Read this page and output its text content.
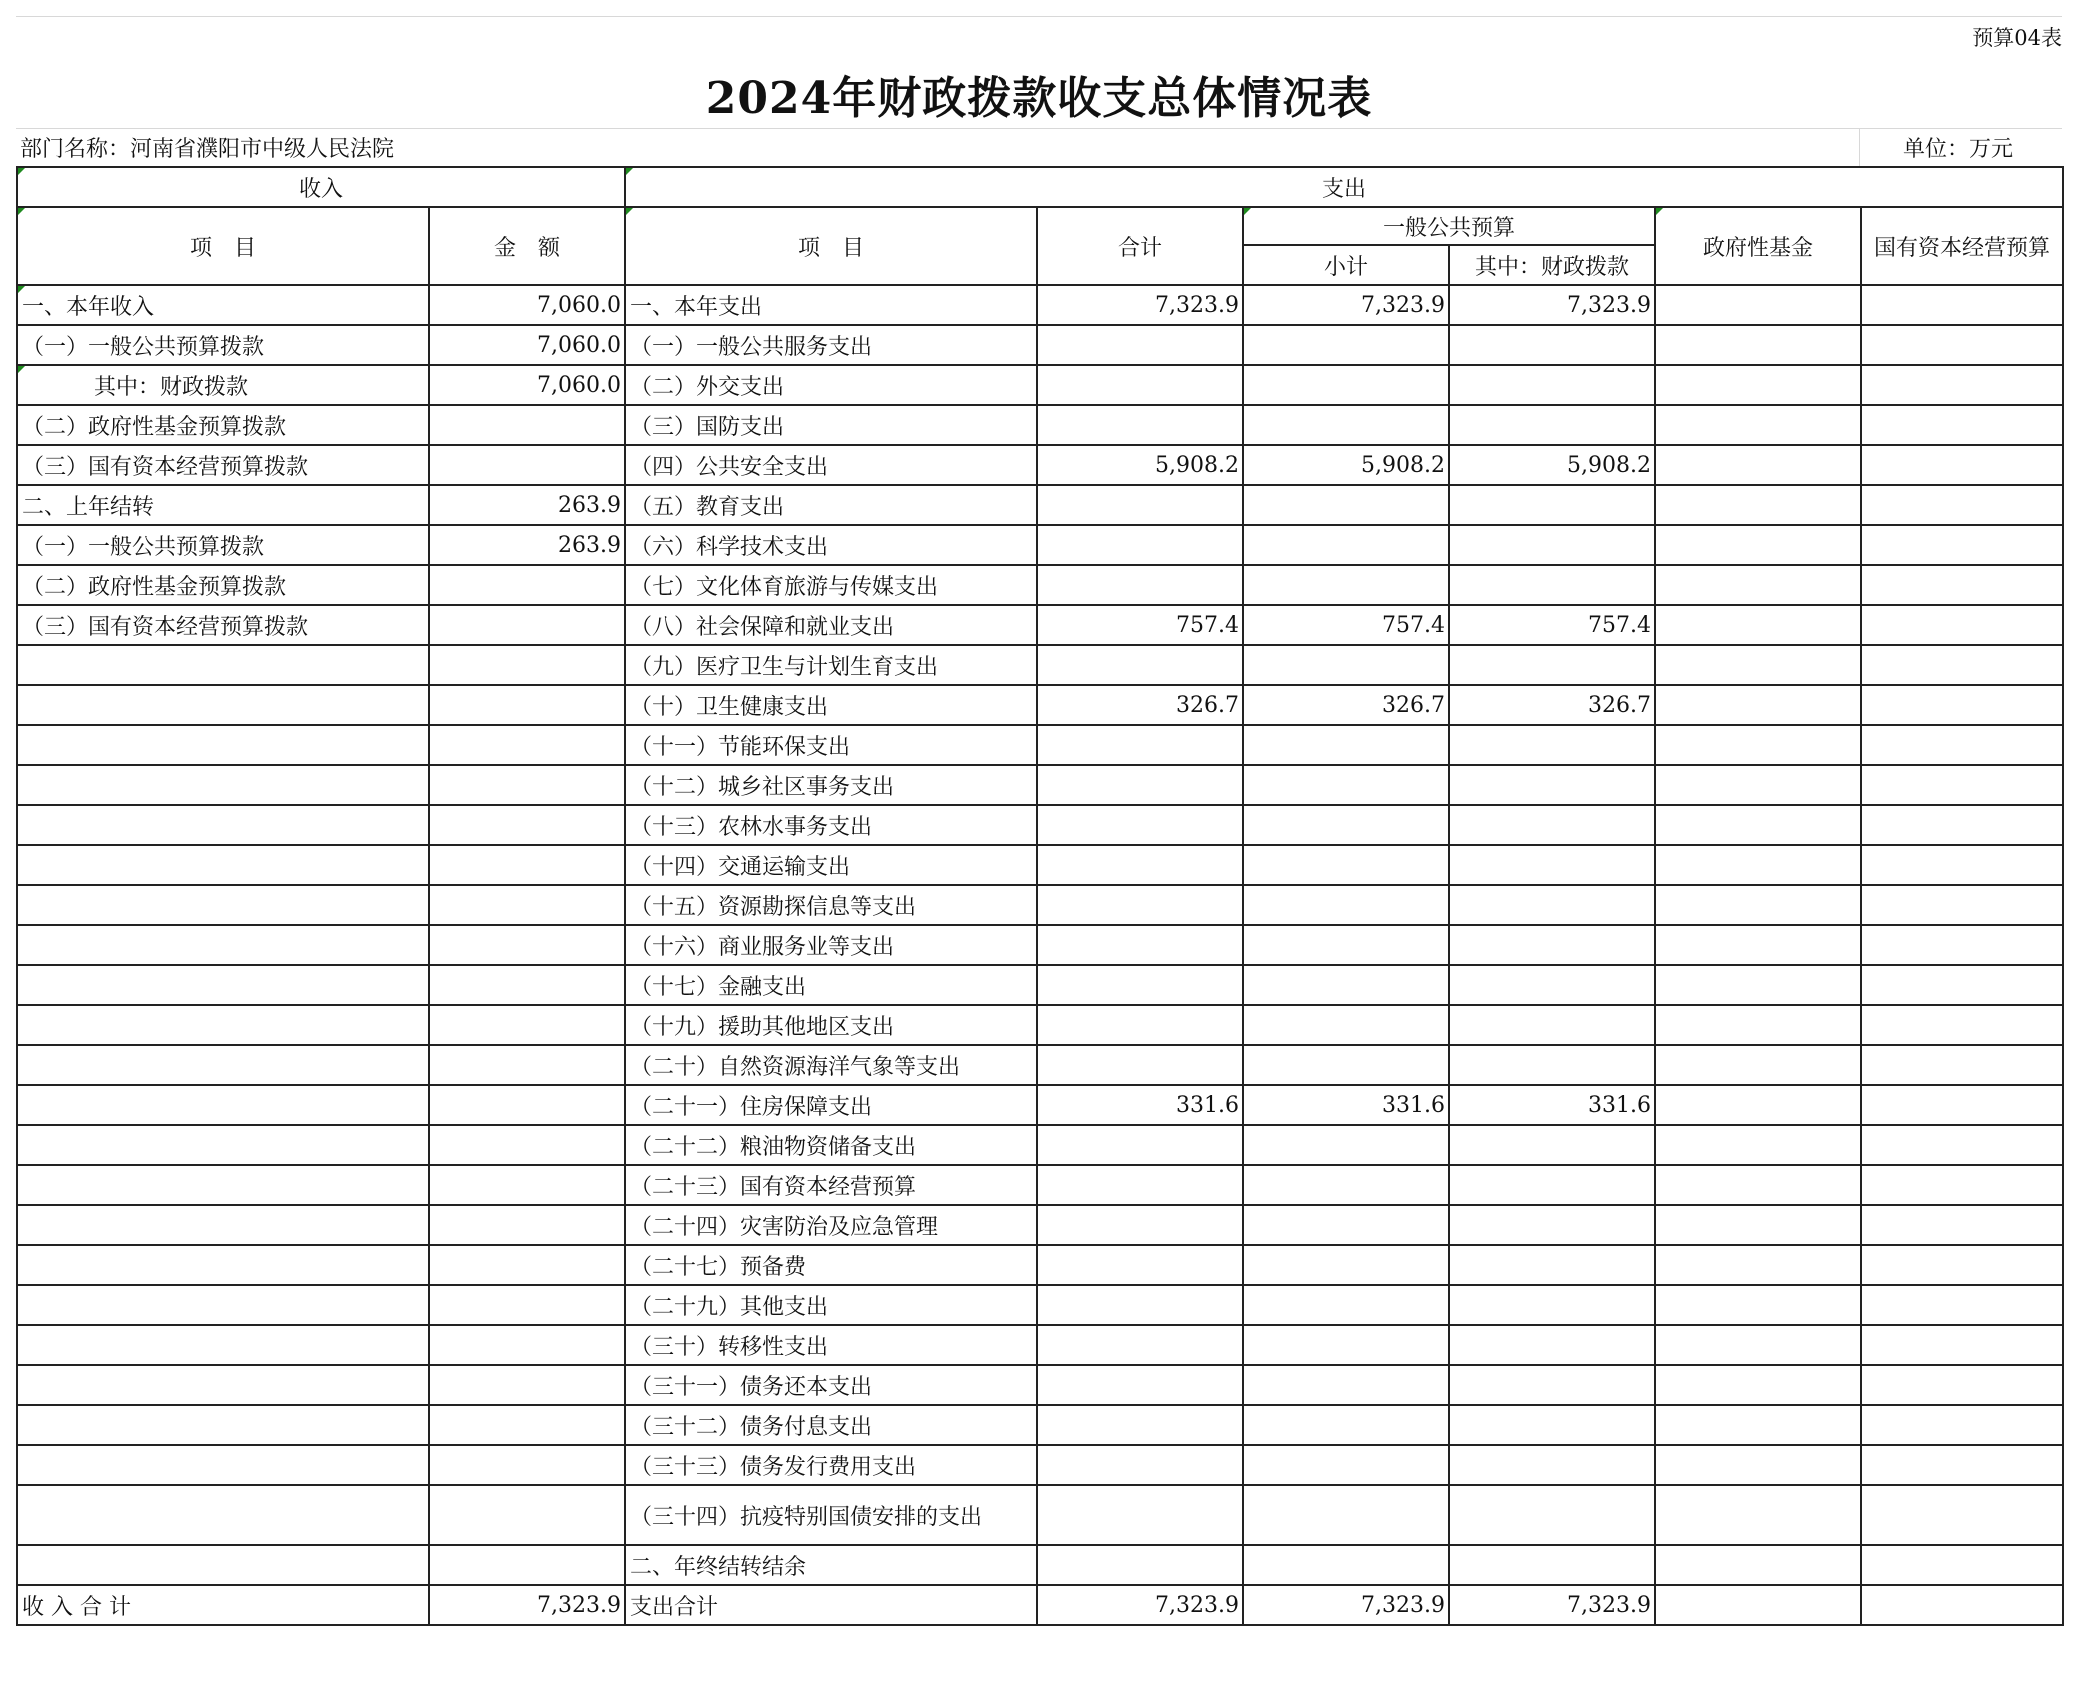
预算04表
2024年财政拨款收支总体情况表
部门名称：河南省濮阳市中级人民法院	单位：万元
收入		支出					
项　目	金　额	项　目	合计	一般公共预算		政府性基金	国有资本经营预算
				小计	其中：财政拨款		
一、本年收入	7,060.0	一、本年支出	7,323.9	7,323.9	7,323.9		
（一）一般公共预算拨款	7,060.0	（一）一般公共服务支出					
其中：财政拨款	7,060.0	（二）外交支出					
（二）政府性基金预算拨款		（三）国防支出					
（三）国有资本经营预算拨款		（四）公共安全支出	5,908.2	5,908.2	5,908.2		
二、上年结转	263.9	（五）教育支出					
（一）一般公共预算拨款	263.9	（六）科学技术支出					
（二）政府性基金预算拨款		（七）文化体育旅游与传媒支出					
（三）国有资本经营预算拨款		（八）社会保障和就业支出	757.4	757.4	757.4		
		（九）医疗卫生与计划生育支出					
		（十）卫生健康支出	326.7	326.7	326.7		
		（十一）节能环保支出					
		（十二）城乡社区事务支出					
		（十三）农林水事务支出					
		（十四）交通运输支出					
		（十五）资源勘探信息等支出					
		（十六）商业服务业等支出					
		（十七）金融支出					
		（十九）援助其他地区支出					
		（二十）自然资源海洋气象等支出					
		（二十一）住房保障支出	331.6	331.6	331.6		
		（二十二）粮油物资储备支出					
		（二十三）国有资本经营预算					
		（二十四）灾害防治及应急管理					
		（二十七）预备费					
		（二十九）其他支出					
		（三十）转移性支出					
		（三十一）债务还本支出					
		（三十二）债务付息支出					
		（三十三）债务发行费用支出					
		（三十四）抗疫特别国债安排的支出					
		二、年终结转结余					
收 入 合 计	7,323.9	支出合计	7,323.9	7,323.9	7,323.9		
